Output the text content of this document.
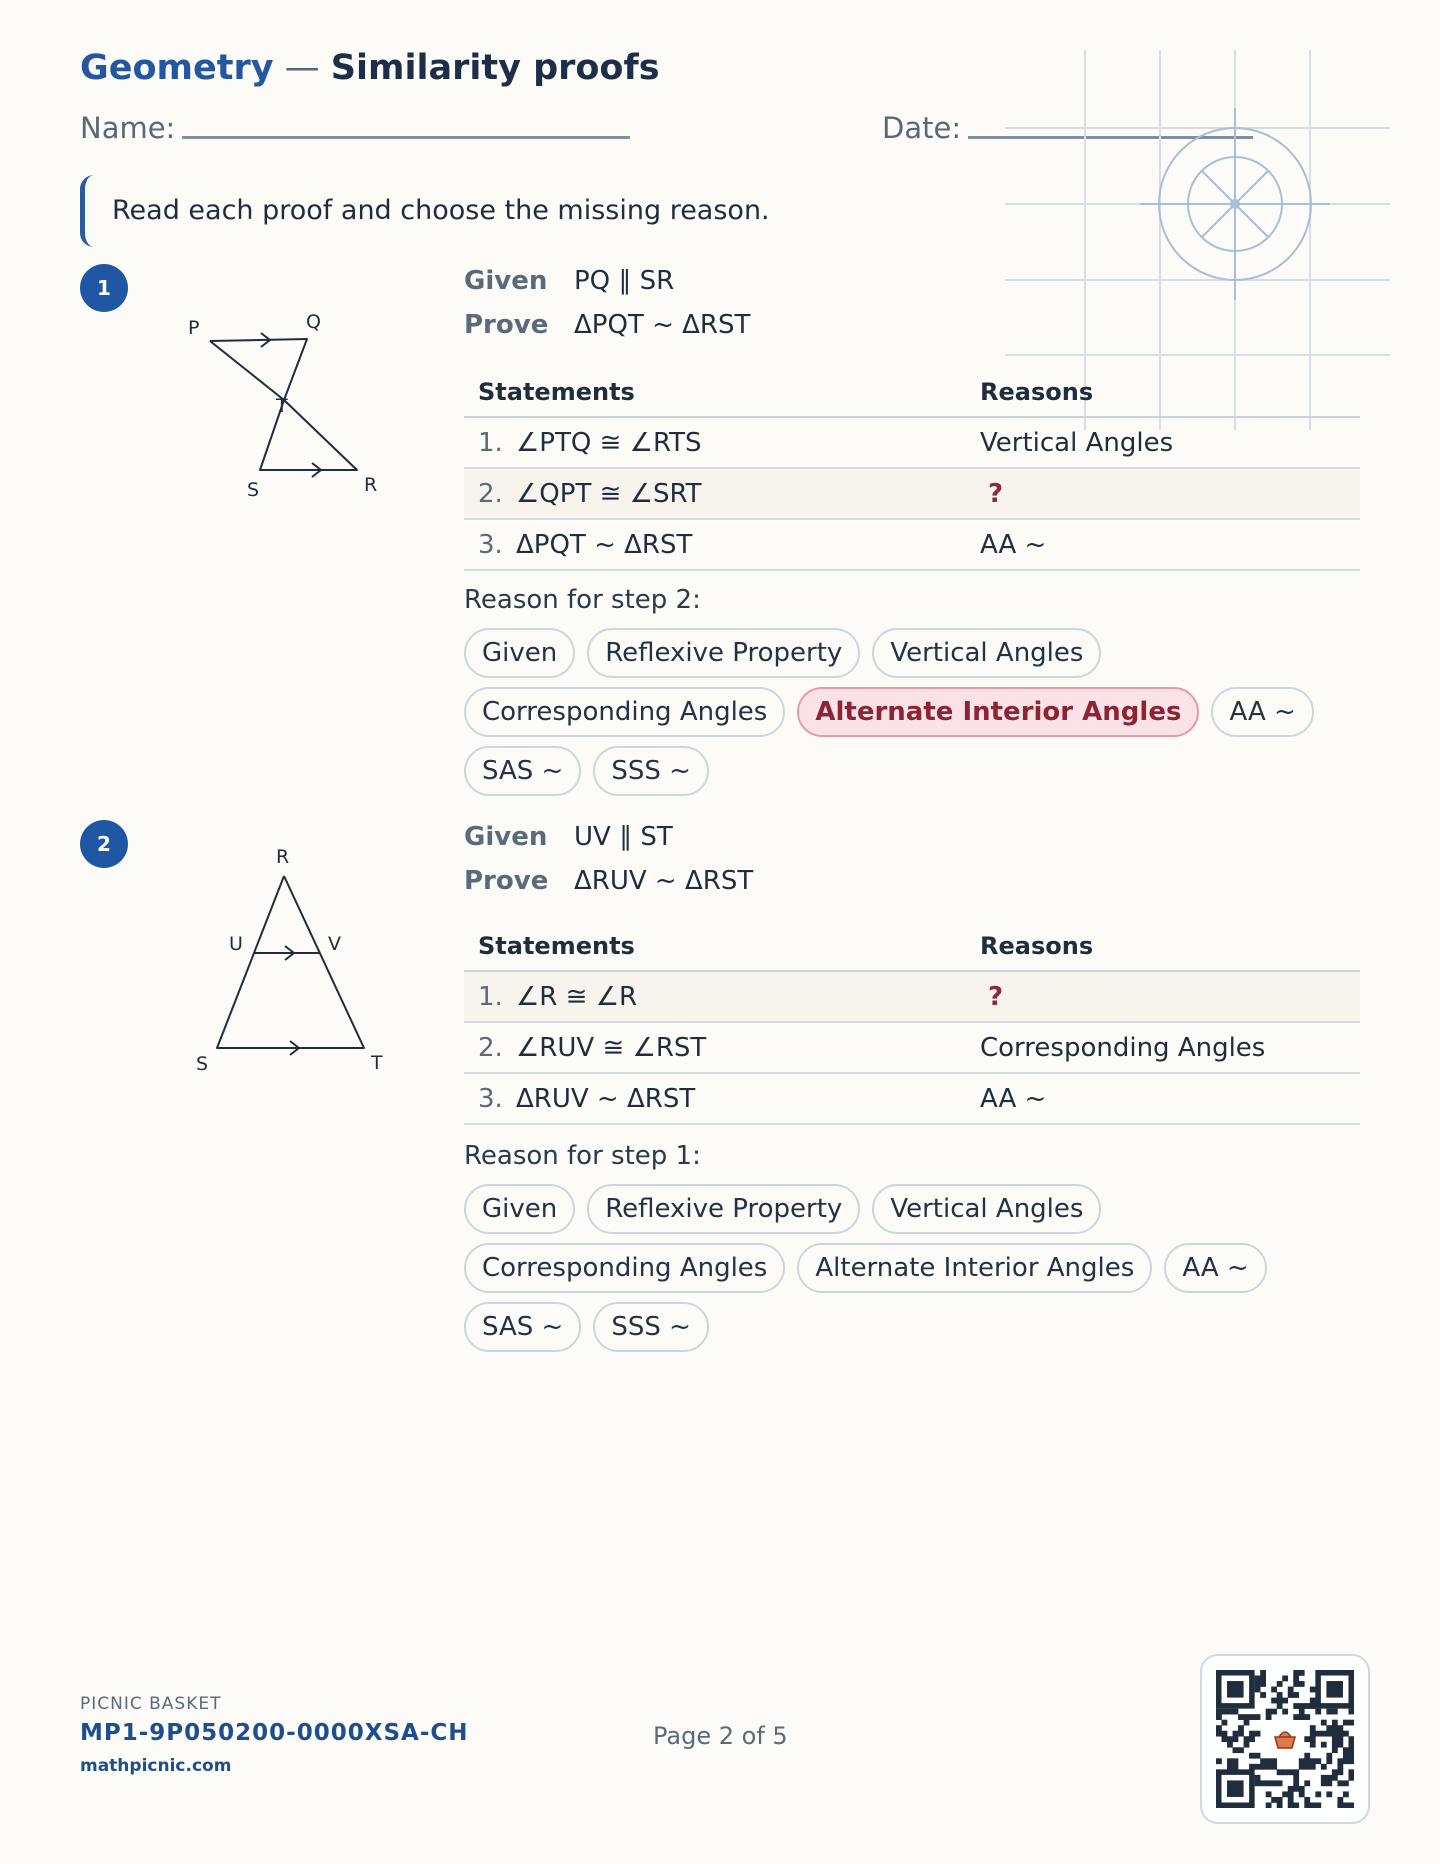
Geometry — Similarity proofs
Name:	Date:
Read each proof and choose the missing reason.
1
P	Q
T
S	R
Given PQ ∥ SR
Prove ΔPQT ~ ΔRST
Statements		Reasons
1.	∠PTQ ≅ ∠RTS	Vertical Angles
2.	∠QPT ≅ ∠SRT	?
3.	ΔPQT ~ ΔRST	AA ~
Reason for step 2:
Given	Reflexive Property	Vertical Angles
Corresponding Angles	Alternate Interior Angles	AA ~
SAS ~	SSS ~
2
R
U	V
S	T
Given UV ∥ ST
Prove ΔRUV ~ ΔRST
Statements		Reasons
1.	∠R ≅ ∠R	?
2.	∠RUV ≅ ∠RST	Corresponding Angles
3.	ΔRUV ~ ΔRST	AA ~
Reason for step 1:
Given	Reflexive Property	Vertical Angles
Corresponding Angles	Alternate Interior Angles	AA ~
SAS ~	SSS ~
PICNIC BASKET
MP1-9P050200-0000XSA-CH
mathpicnic.com
Page 2 of 5
